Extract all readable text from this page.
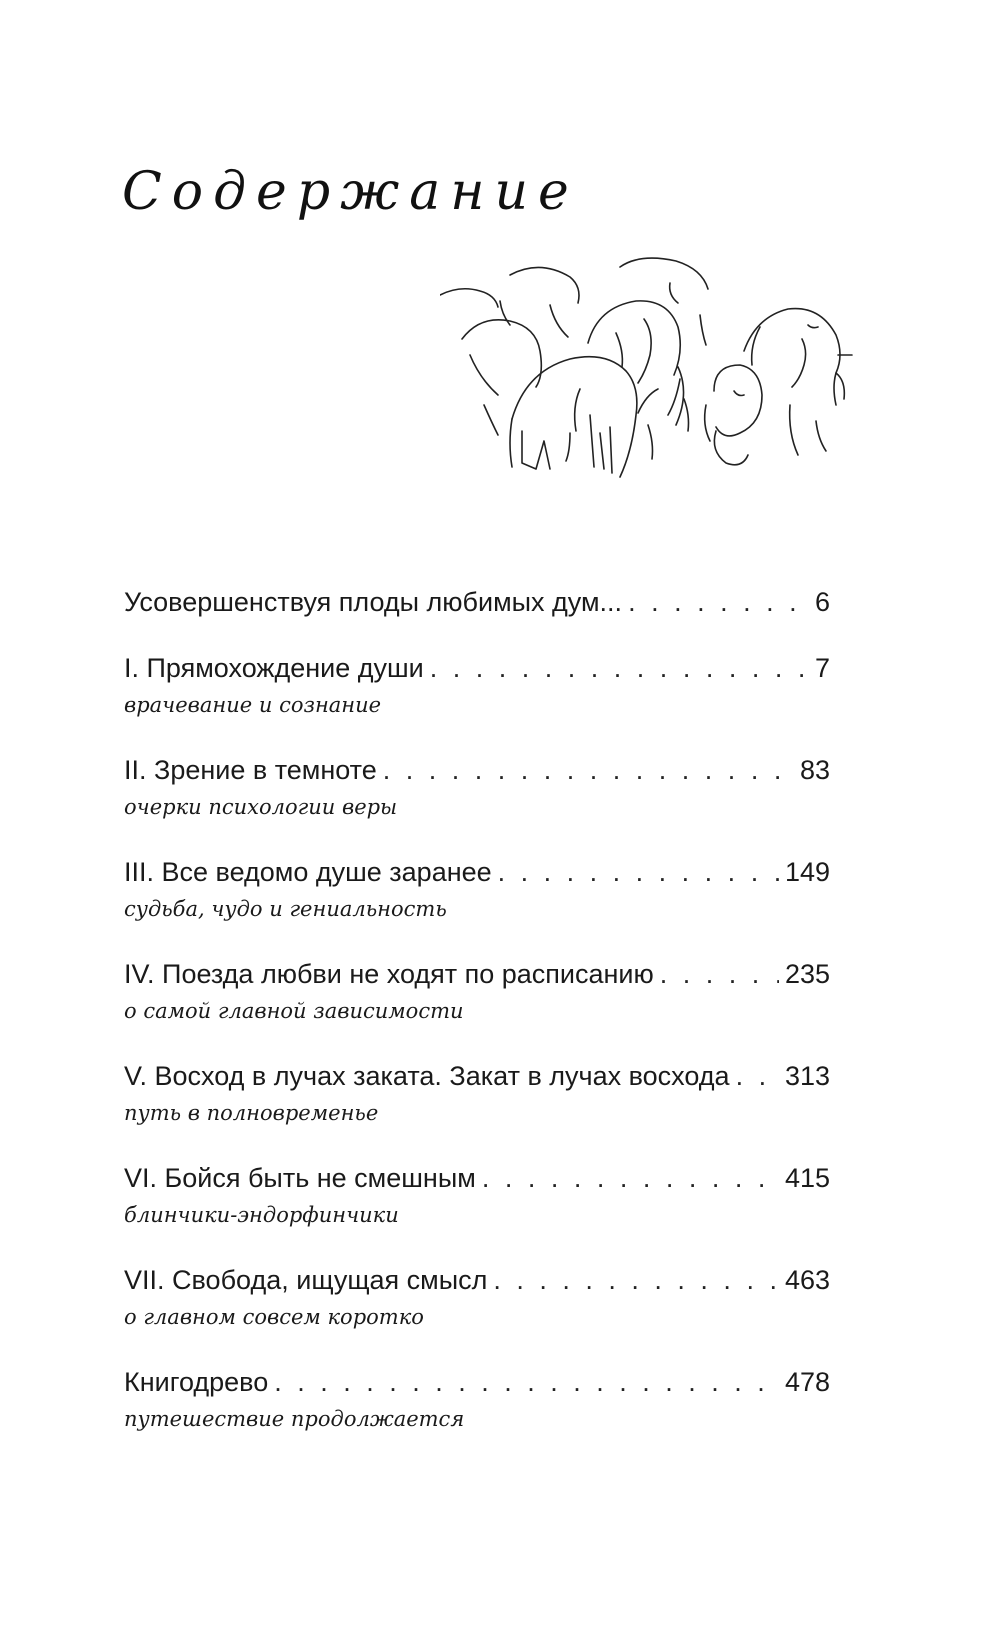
Содержание
Усовершенствуя плоды любимых дум... . . .	6
I. Прямохождение души . . .	7
врачевание и сознание
II. Зрение в темноте . . .	83
очерки психологии веры
III. Все ведомо душе заранее . . .	149
судьба, чудо и гениальность
IV. Поезда любви не ходят по расписанию . . .	235
о самой главной зависимости
V. Восход в лучах заката. Закат в лучах восхода . . . 313
путь в полновременье
VI. Бойся быть не смешным . . .	415
блинчики-эндорфинчики
VII. Свобода, ищущая смысл . . .	463
о главном совсем коротко
Книгодрево . . .	478
путешествие продолжается
